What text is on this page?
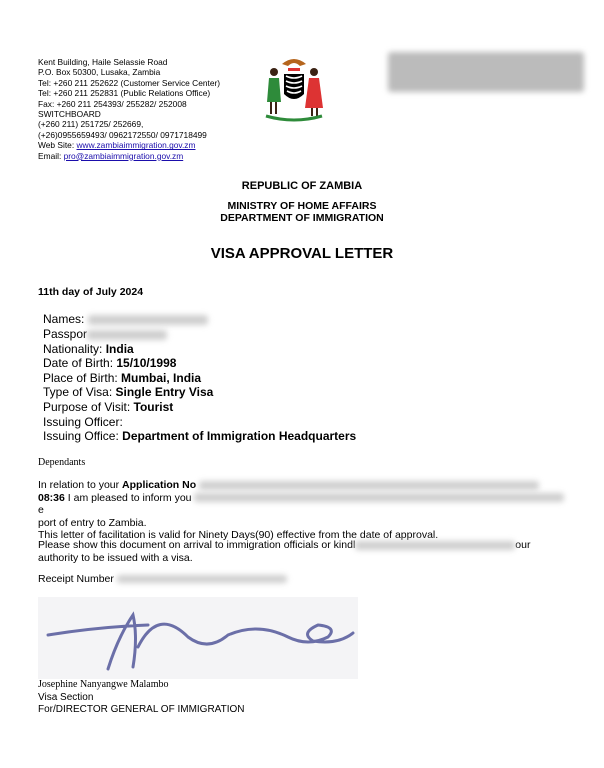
Kent Building, Haile Selassie Road
P.O. Box 50300, Lusaka, Zambia
Tel: +260 211 252622 (Customer Service Center)
Tel: +260 211 252831 (Public Relations Office)
Fax: +260 211 254393/ 255282/ 252008
SWITCHBOARD
(+260 211) 251725/ 252669,
(+26)0955659493/ 0962172550/ 0971718499
Web Site: www.zambiaimmigration.gov.zm
Email: pro@zambiaimmigration.gov.zm
REPUBLIC OF ZAMBIA
MINISTRY OF HOME AFFAIRS
DEPARTMENT OF IMMIGRATION
VISA APPROVAL LETTER
11th day of July 2024
Names:
Passpor
Nationality: India
Date of Birth: 15/10/1998
Place of Birth: Mumbai, India
Type of Visa: Single Entry Visa
Purpose of Visit: Tourist
Issuing Officer:
Issuing Office: Department of Immigration Headquarters
Dependants
In relation to your Application No
08:36 I am pleased to inform you e
port of entry to Zambia.
This letter of facilitation is valid for Ninety Days(90) effective from the date of approval.
Please show this document on arrival to immigration officials or kindl	our
authority to be issued with a visa.
Receipt Number
Josephine Nanyangwe Malambo
Visa Section
For/DIRECTOR GENERAL OF IMMIGRATION
